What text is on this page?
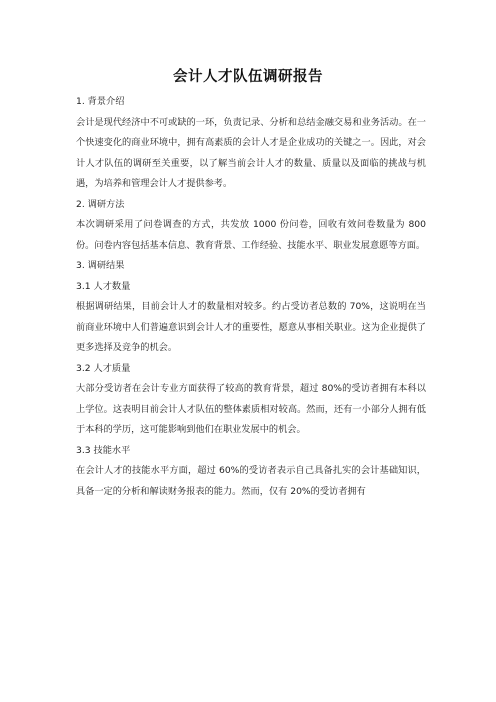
会计人才队伍调研报告
1. 背景介绍
会计是现代经济中不可或缺的一环，负责记录、分析和总结金融交易和业务活动。在一个快速变化的商业环境中，拥有高素质的会计人才是企业成功的关键之一。因此，对会计人才队伍的调研至关重要，以了解当前会计人才的数量、质量以及面临的挑战与机遇，为培养和管理会计人才提供参考。
2. 调研方法
本次调研采用了问卷调查的方式，共发放 1000 份问卷，回收有效问卷数量为 800 份。问卷内容包括基本信息、教育背景、工作经验、技能水平、职业发展意愿等方面。
3. 调研结果
3.1 人才数量
根据调研结果，目前会计人才的数量相对较多。约占受访者总数的 70%，这说明在当前商业环境中人们普遍意识到会计人才的重要性，愿意从事相关职业。这为企业提供了更多选择及竞争的机会。
3.2 人才质量
大部分受访者在会计专业方面获得了较高的教育背景，超过 80%的受访者拥有本科以上学位。这表明目前会计人才队伍的整体素质相对较高。然而，还有一小部分人拥有低于本科的学历，这可能影响到他们在职业发展中的机会。
3.3 技能水平
在会计人才的技能水平方面，超过 60%的受访者表示自己具备扎实的会计基础知识，具备一定的分析和解读财务报表的能力。然而，仅有 20%的受访者拥有
